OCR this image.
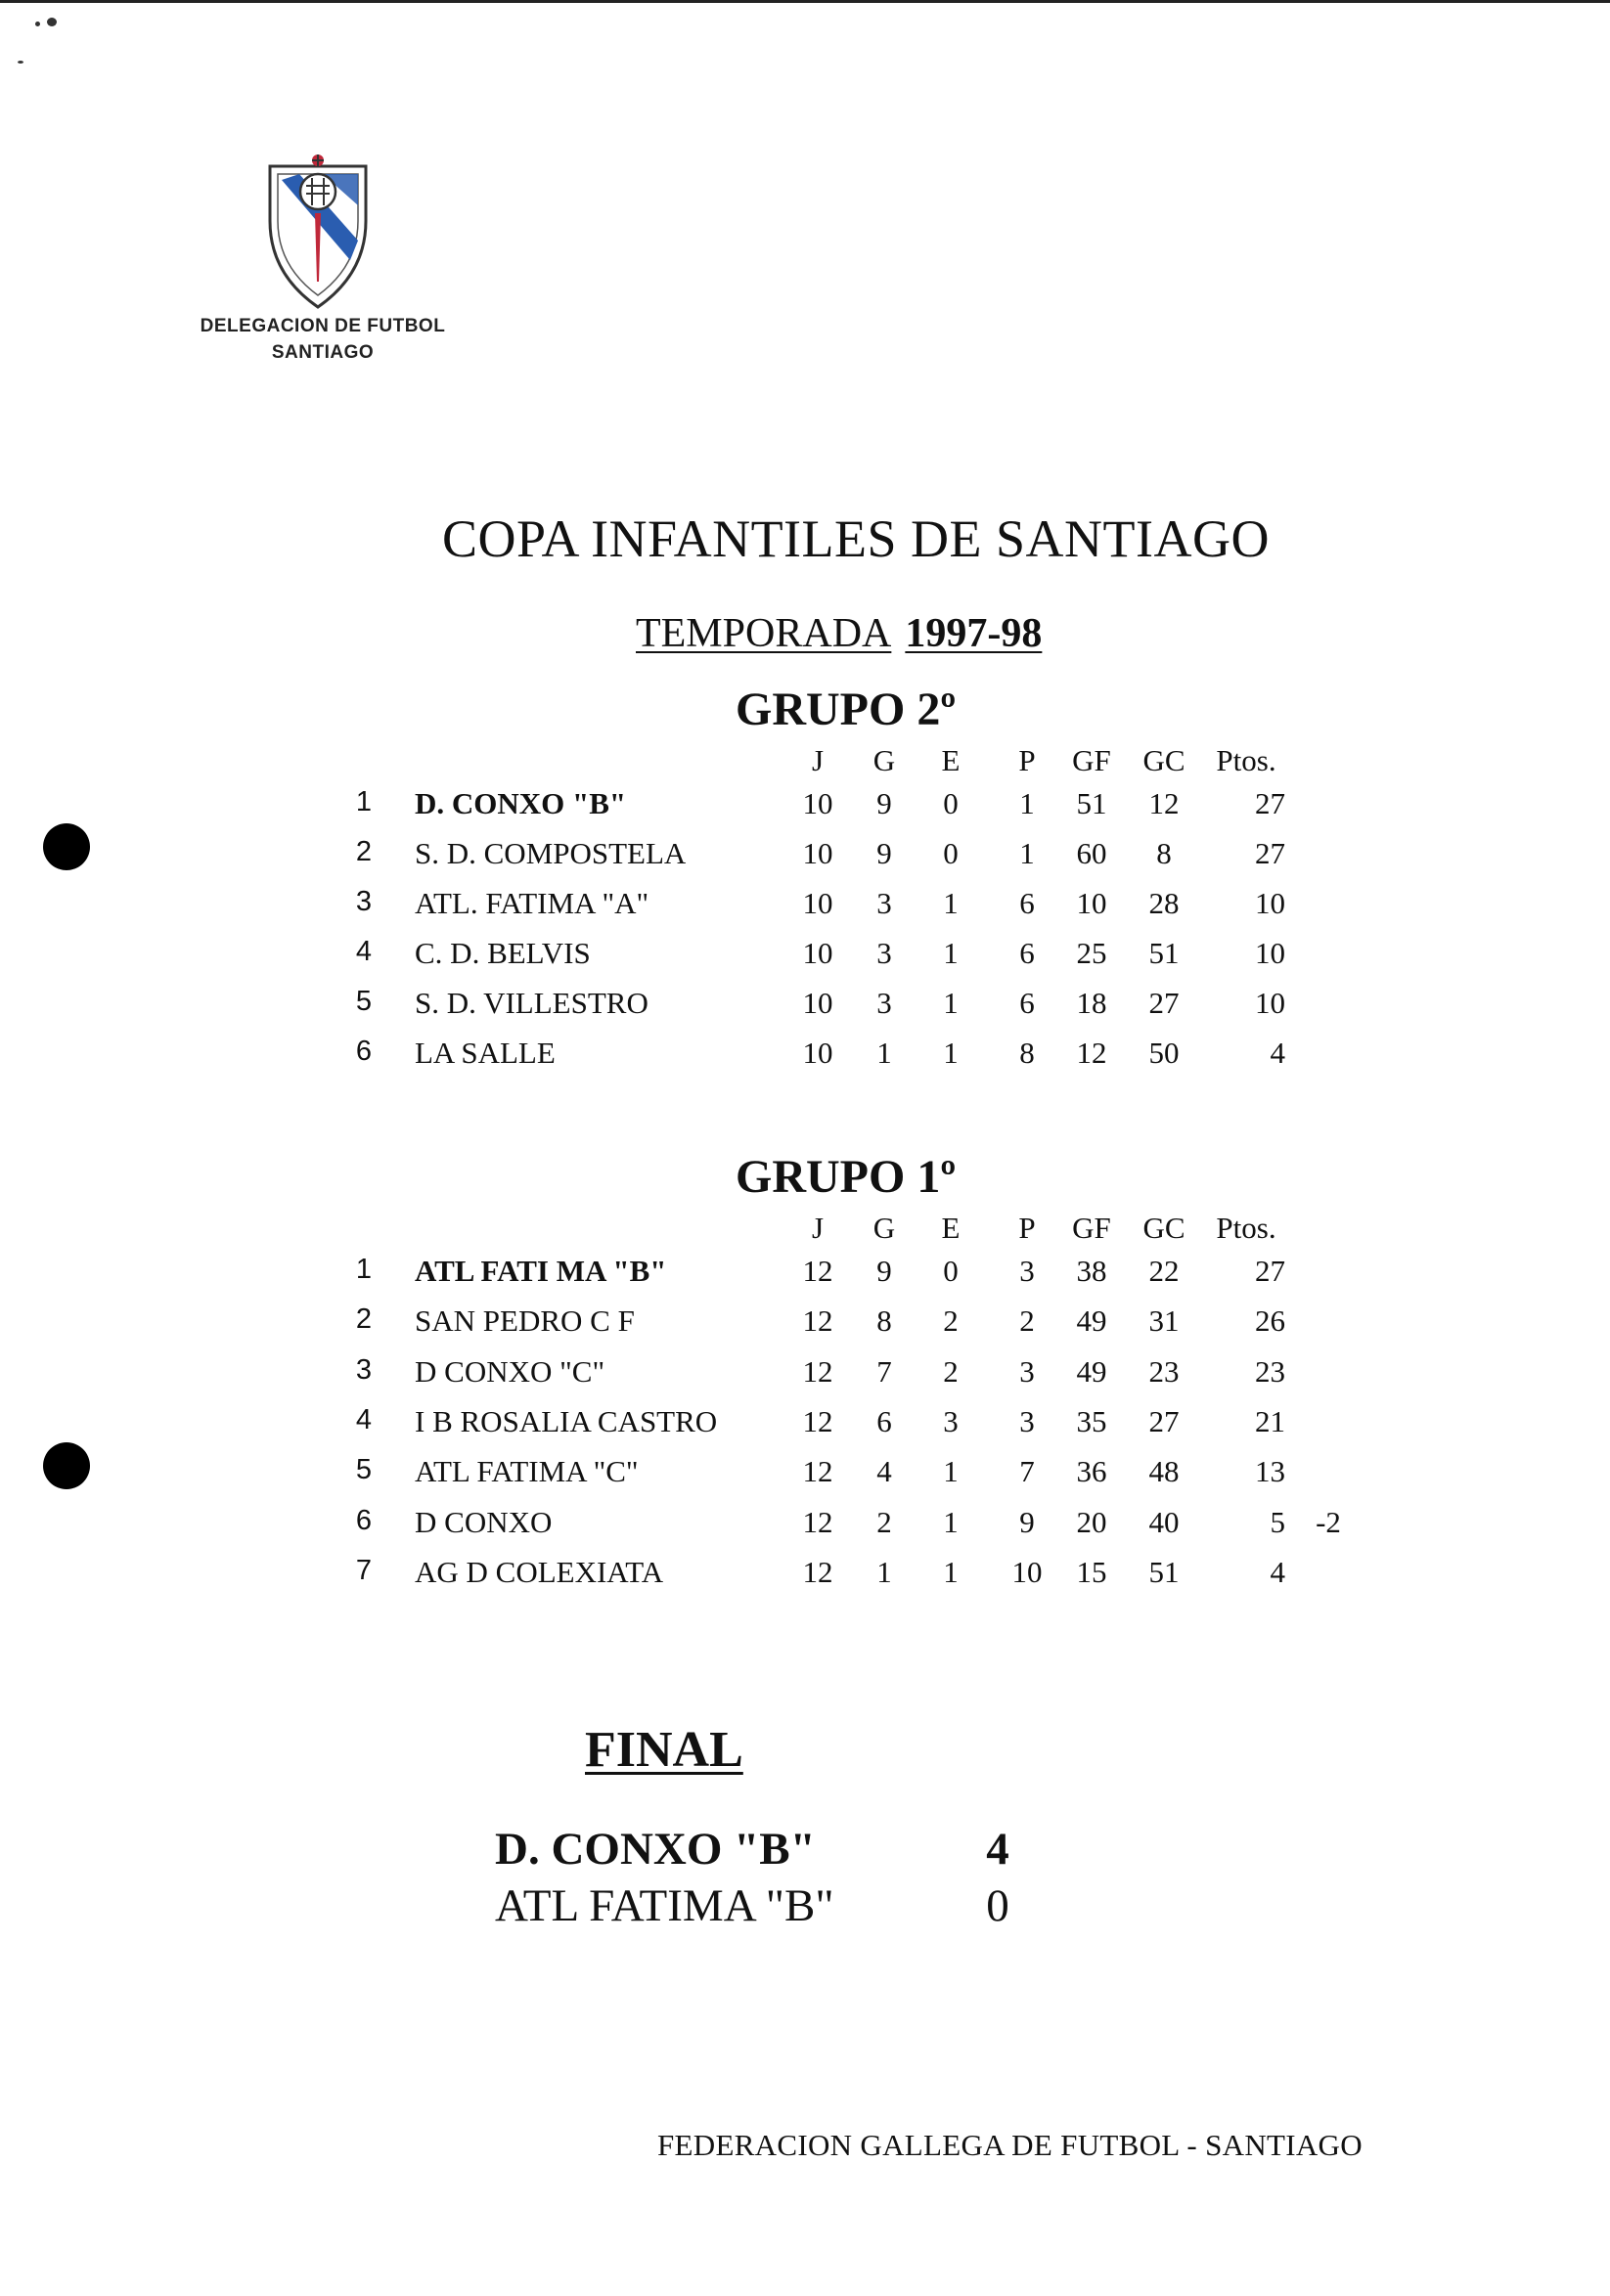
DELEGACION DE FUTBOL
SANTIAGO
COPA INFANTILES DE SANTIAGO
TEMPORADA 1997-98
GRUPO 2º
J	G	E	P	GF GC	Ptos.
1	D. CONXO "B"	10	9	0	1	51	12	27
2	S. D. COMPOSTELA	10	9	0	1	60	8	27
3	ATL. FATIMA "A"	10	3	1	6	10	28	10
4	C. D. BELVIS	10	3	1	6	25	51	10
5	S. D. VILLESTRO	10	3	1	6	18	27	10
6	LA SALLE	10	1	1	8	12	50	4
GRUPO 1º
J	G	E	P	GF GC	Ptos.
1	ATL FATI MA "B"	12	9	0	3	38	22	27
2	SAN PEDRO C F	12	8	2	2	49	31	26
3	D CONXO "C"	12	7	2	3	49	23	23
4	I B ROSALIA CASTRO	12	6	3	3	35	27	21
5	ATL FATIMA "C"	12	4	1	7	36	48	13
6	D CONXO	12	2	1	9	20	40	5	-2
7	AG D COLEXIATA	12	1	1	10	15	51	4
FINAL
D. CONXO "B"	4
ATL FATIMA "B"	0
FEDERACION GALLEGA DE FUTBOL - SANTIAGO
